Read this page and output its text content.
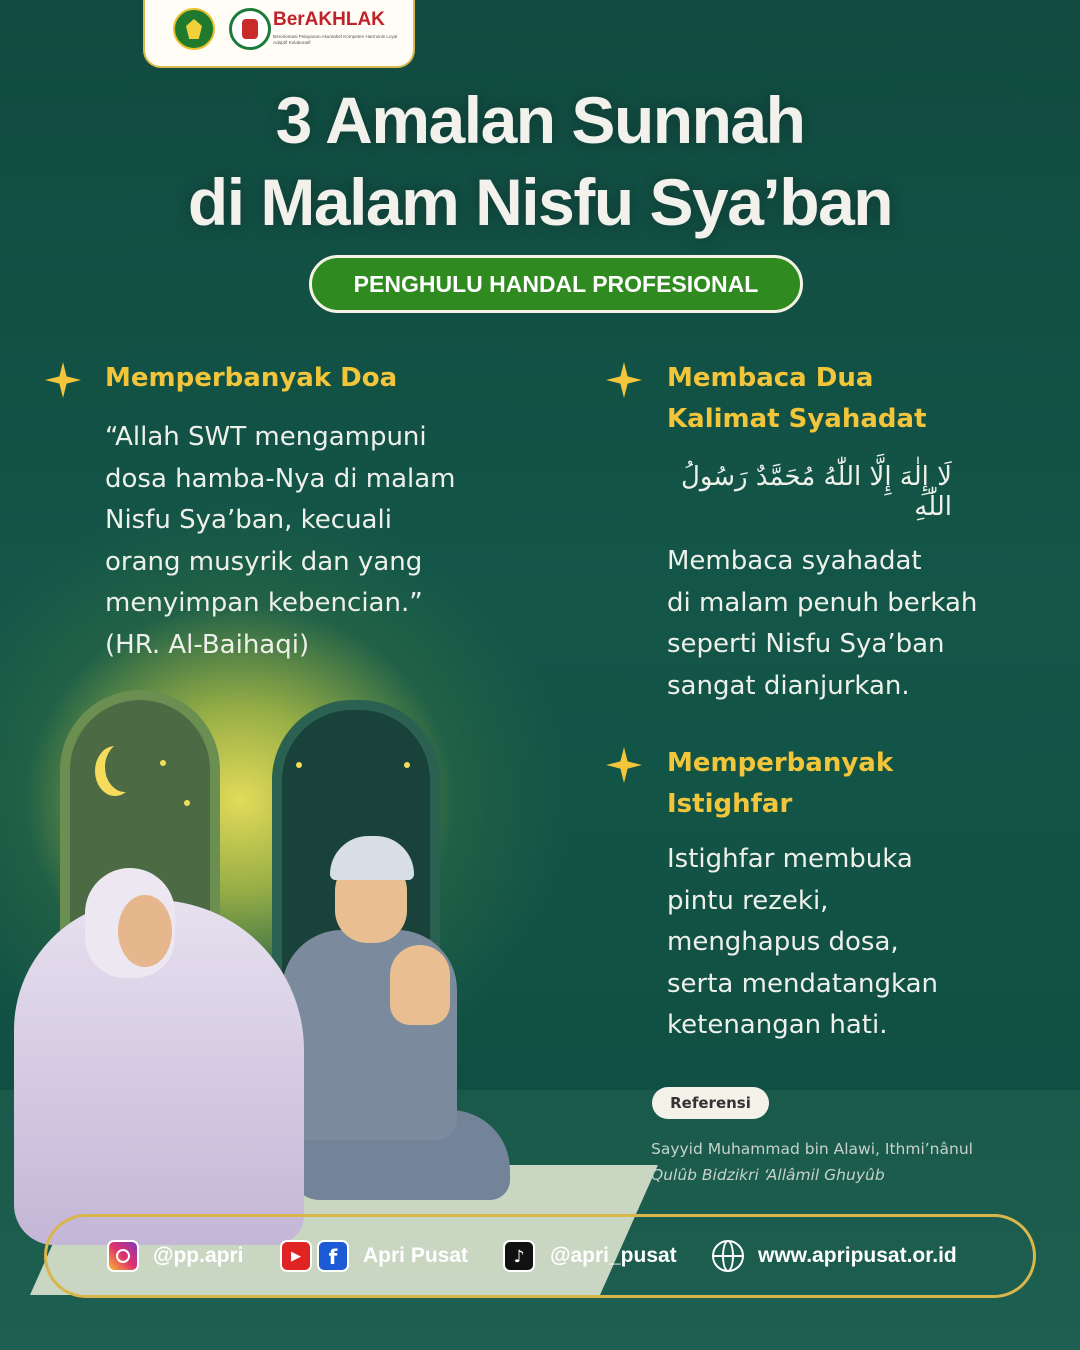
BerAKHLAK
Berorientasi Pelayanan Akuntabel Kompeten Harmonis Loyal Adaptif Kolaboratif
3 Amalan Sunnah
di Malam Nisfu Sya’ban
PENGHULU HANDAL PROFESIONAL

Memperbanyak Doa

“Allah SWT mengampuni
dosa hamba-Nya di malam
Nisfu Sya’ban, kecuali
orang musyrik dan yang
menyimpan kebencian.”
(HR. Al-Baihaqi)

Membaca Dua

Kalimat Syahadat

لَا إِلٰهَ إِلَّا اللّٰهُ مُحَمَّدٌ رَسُولُ اللّٰهِ

Membaca syahadat
di malam penuh berkah
seperti Nisfu Sya’ban
sangat dianjurkan.

Memperbanyak

Istighfar

Istighfar membuka
pintu rezeki,
menghapus dosa,
serta mendatangkan
ketenangan hati.

Referensi

Sayyid Muhammad bin Alawi, Ithmi’nânul
Qulûb Bidzikri ‘Allâmil Ghuyûb

@pp.apri	▶	f	Apri Pusat	♪	@apri_pusat	www.apripusat.or.id
